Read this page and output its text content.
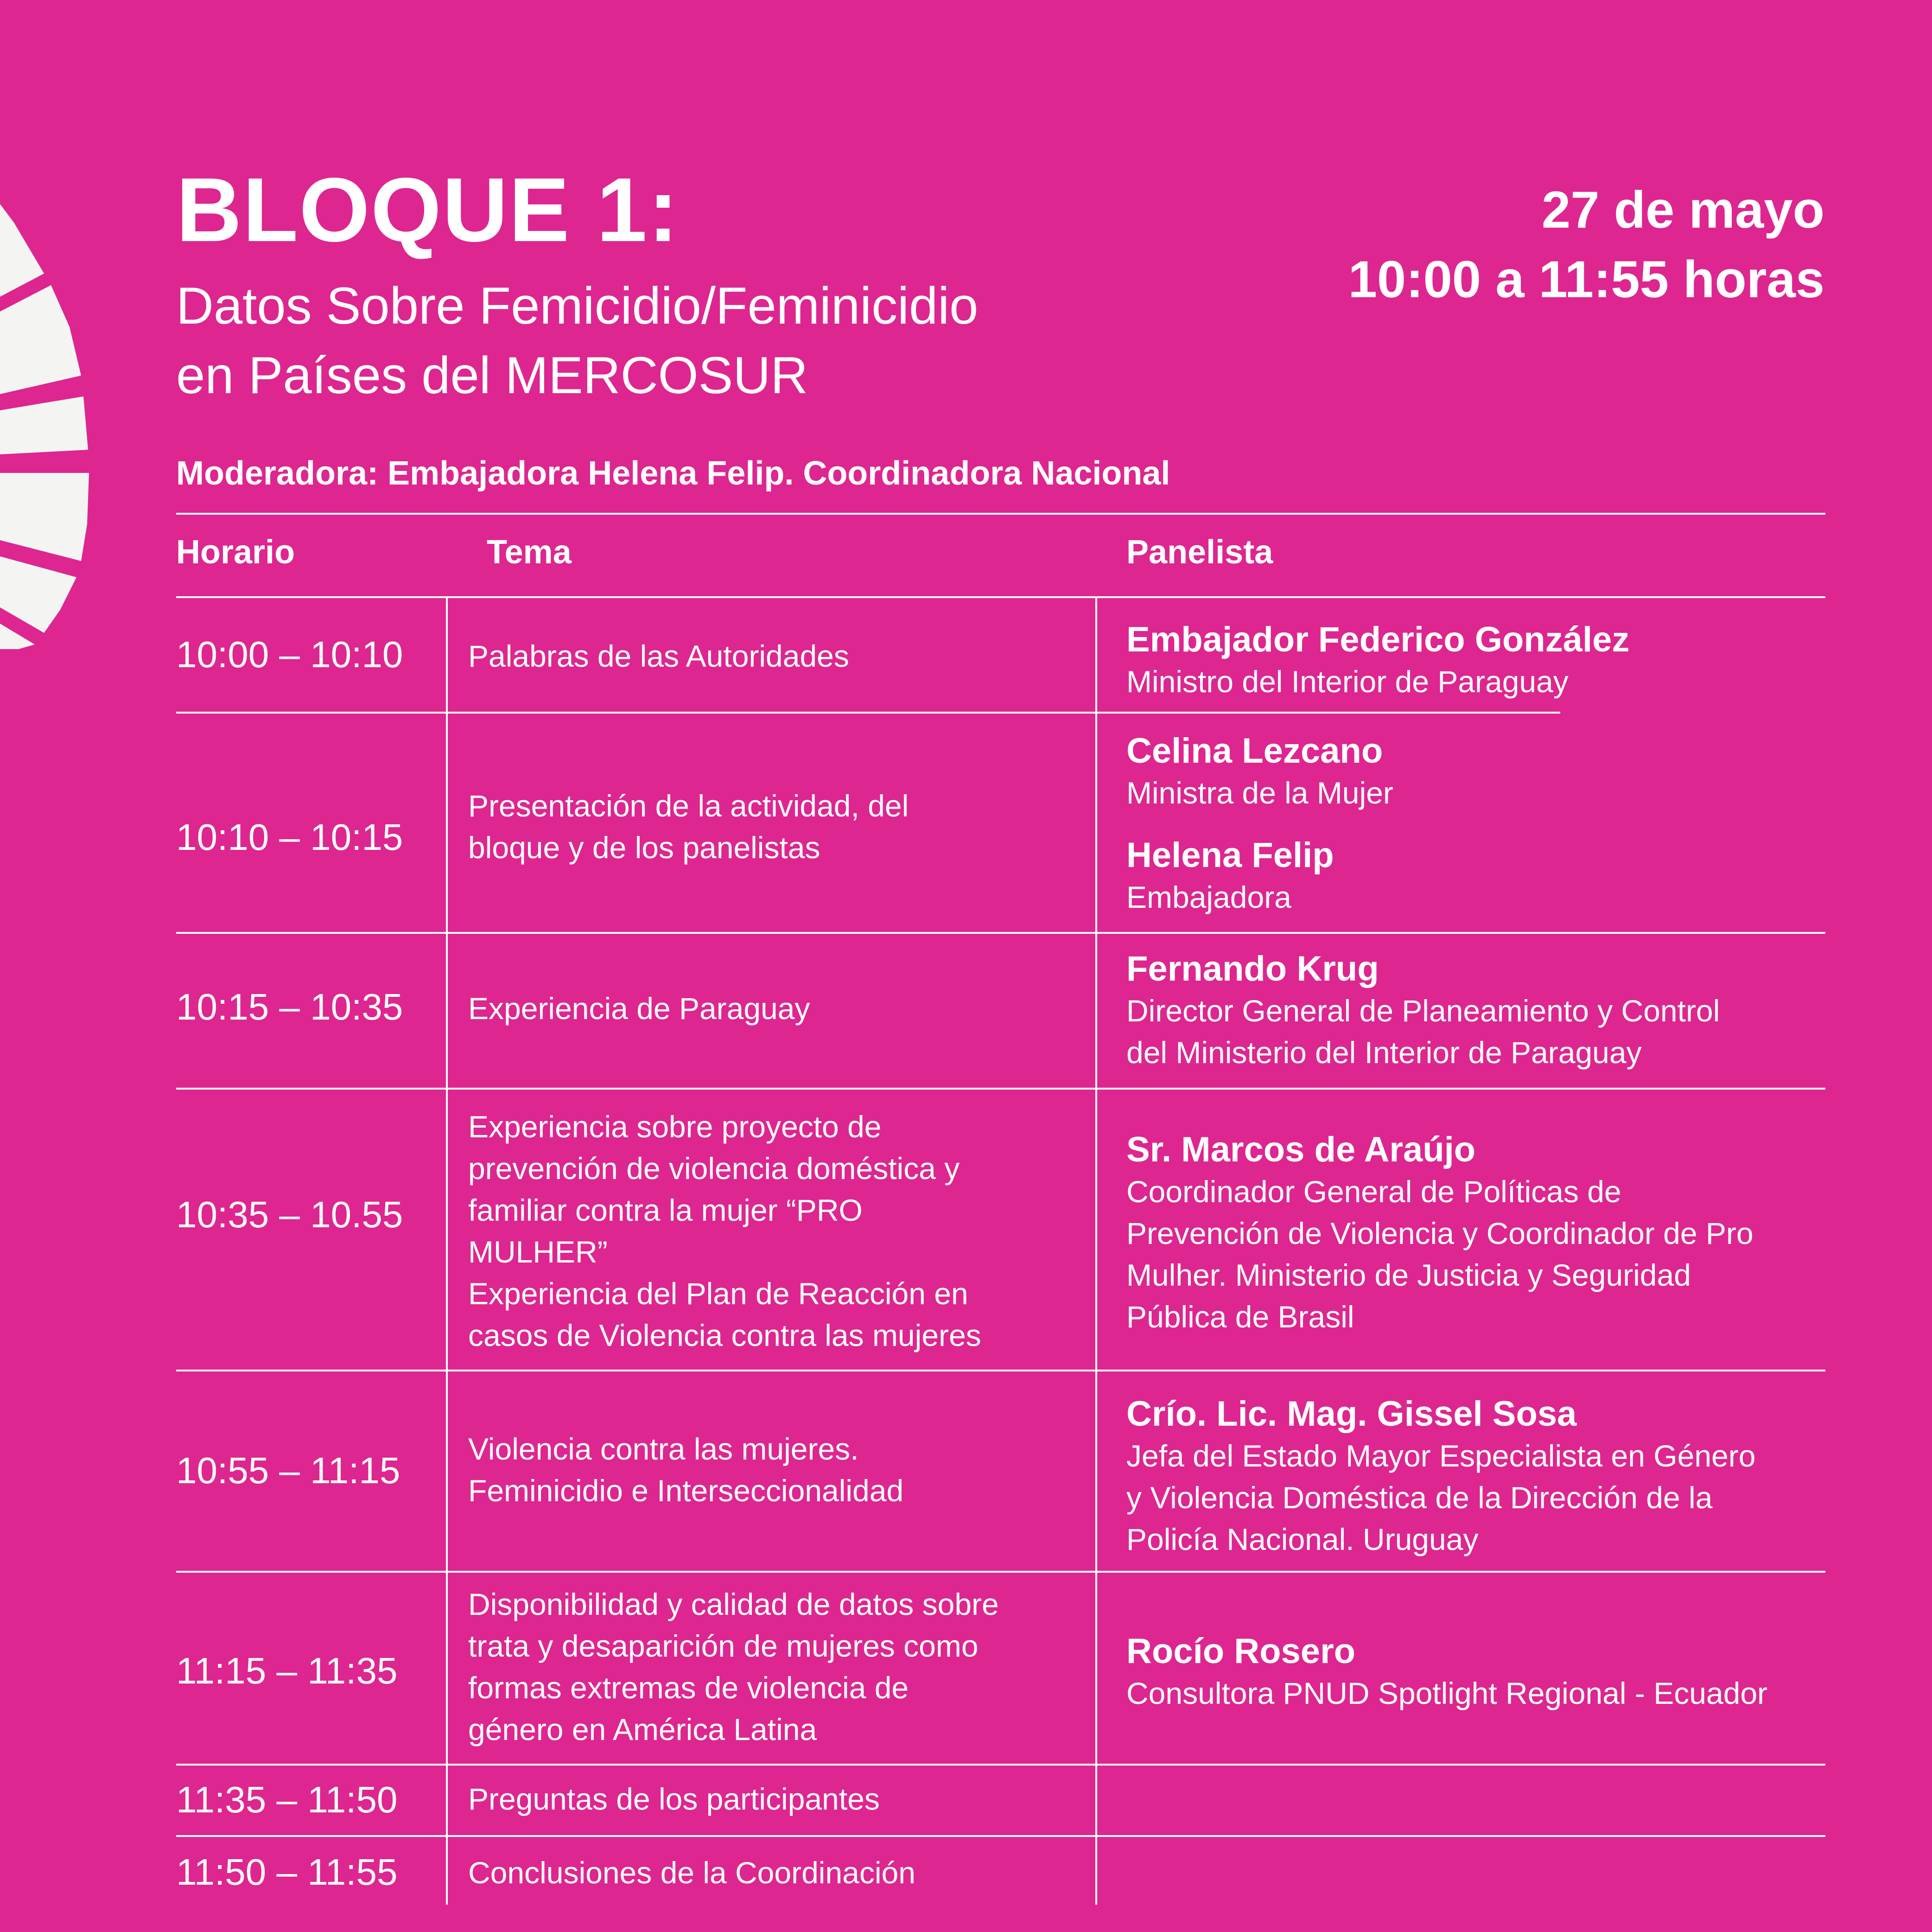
BLOQUE 1:
Datos Sobre Femicidio/Feminicidio
en Países del MERCOSUR
27 de mayo
10:00 a 11:55 horas
Moderadora: Embajadora Helena Felip. Coordinadora Nacional
Horario	Tema	Panelista
10:00 – 10:10
10:10 – 10:15
10:15 – 10:35
10:35 – 10.55
10:55 – 11:15
11:15 – 11:35
11:35 – 11:50
11:50 – 11:55
Palabras de las Autoridades
Presentación de la actividad, del
bloque y de los panelistas
Experiencia de Paraguay
Experiencia sobre proyecto de
prevención de violencia doméstica y
familiar contra la mujer “PRO
MULHER”
Experiencia del Plan de Reacción en
casos de Violencia contra las mujeres
Violencia contra las mujeres.
Feminicidio e Interseccionalidad
Disponibilidad y calidad de datos sobre
trata y desaparición de mujeres como
formas extremas de violencia de
género en América Latina
Preguntas de los participantes
Conclusiones de la Coordinación
Embajador Federico González
Ministro del Interior de Paraguay
Celina Lezcano
Ministra de la Mujer
Helena Felip
Embajadora
Fernando Krug
Director General de Planeamiento y Control
del Ministerio del Interior de Paraguay
Sr. Marcos de Araújo
Coordinador General de Políticas de
Prevención de Violencia y Coordinador de Pro
Mulher. Ministerio de Justicia y Seguridad
Pública de Brasil
Crío. Lic. Mag. Gissel Sosa
Jefa del Estado Mayor Especialista en Género
y Violencia Doméstica de la Dirección de la
Policía Nacional. Uruguay
Rocío Rosero
Consultora PNUD Spotlight Regional - Ecuador
